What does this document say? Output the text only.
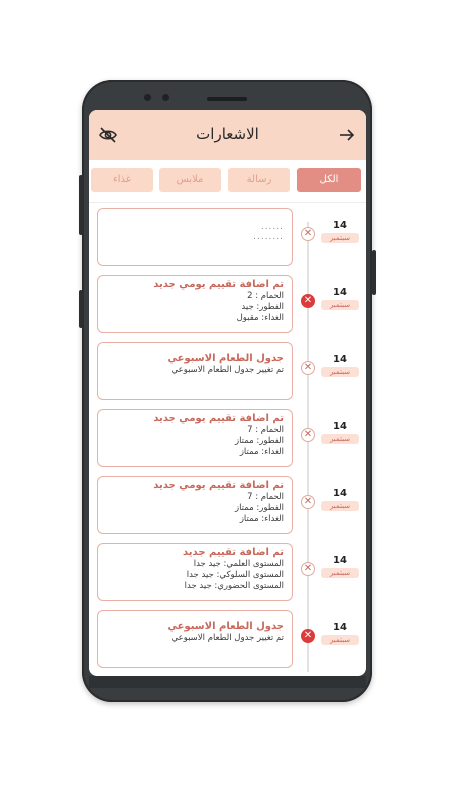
الاشعارات
الكل
رسالة
ملابس
غذاء
......
........ ✕
14
سبتمبر
تم اضافة تقييم يومي جديد
الحمام : 2
الفطور: جيد
الغداء: مقبول
✕
14
سبتمبر
جدول الطعام الاسبوعي
تم تغيير جدول الطعام الاسبوعي ✕
14
سبتمبر
تم اضافة تقييم يومي جديد
الحمام : 7
الفطور: ممتاز
الغداء: ممتاز
✕
14
سبتمبر
تم اضافة تقييم يومي جديد
الحمام : 7
الفطور: ممتاز
الغداء: ممتاز
✕
14
سبتمبر
تم اضافة تقييم جديد
المستوى العلمي: جيد جدا
المستوى السلوكي: جيد جدا
المستوى الحضوري: جيد جدا
✕
14
سبتمبر
جدول الطعام الاسبوعي
تم تغيير جدول الطعام الاسبوعي ✕
14
سبتمبر
